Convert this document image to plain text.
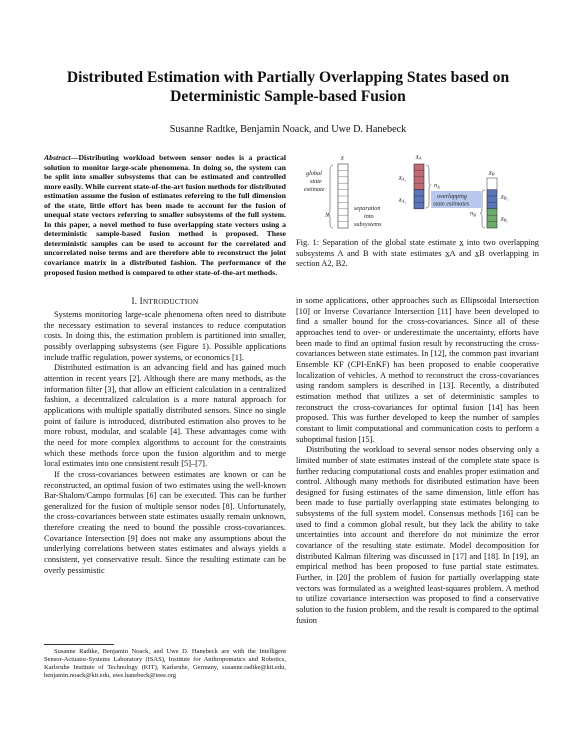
Distributed Estimation with Partially Overlapping States based on Deterministic Sample-based Fusion
Susanne Radtke, Benjamin Noack, and Uwe D. Hanebeck
Abstract—Distributing workload between sensor nodes is a practical solution to monitor large-scale phenomena. In doing so, the system can be split into smaller subsystems that can be estimated and controlled more easily. While current state-of-the-art fusion methods for distributed estimation assume the fusion of estimates referring to the full dimension of the state, little effort has been made to account for the fusion of unequal state vectors referring to smaller subsystems of the full system. In this paper, a novel method to fuse overlapping state vectors using a deterministic sample-based fusion method is proposed. These deterministic samples can be used to account for the correlated and uncorrelated noise terms and are therefore able to reconstruct the joint covariance matrix in a distributed fashion. The performance of the proposed fusion method is compared to other state-of-the-art methods.
I. INTRODUCTION

Systems monitoring large-scale phenomena often need to distribute the necessary estimation to several instances to reduce computation costs. In doing this, the estimation problem is partitioned into smaller, possibly overlapping subsystems (see Figure 1). Possible applications include traffic regulation, power systems, or economics [1].

Distributed estimation is an advancing field and has gained much attention in recent years [2]. Although there are many methods, as the information filter [3], that allow an efficient calculation in a centralized fashion, a decentralized calculation is a more natural approach for applications with multiple spatially distributed sensors. Since no single point of failure is introduced, distributed estimation also proves to be more robust, modular, and scalable [4]. These advantages come with the need for more complex algorithms to account for the constraints which these methods force upon the fusion algorithm and to merge local estimates into one consistent result [5]–[7].

If the cross-covariances between estimates are known or can be reconstructed, an optimal fusion of two estimates using the well-known Bar-Shalom/Campo formulas [6] can be executed. This can be further generalized for the fusion of multiple sensor nodes [8]. Unfortunately, the cross-covariances between state estimates usually remain unknown, therefore creating the need to bound the possible cross-covariances. Covariance Intersection [9] does not make any assumptions about the underlying correlations between states estimates and always yields a consistent, yet conservative result. Since the resulting estimate can be overly pessimistic

Susanne Radtke, Benjamin Noack, and Uwe D. Hanebeck are with the Intelligent Sensor-Actuator-Systems Laboratory (ISAS), Institute for Anthropomatics and Robotics, Karlsruhe Institute of Technology (KIT), Karlsruhe, Germany, susanne.radtke@kit.edu, benjamin.noack@kit.edu, uwe.hanebeck@ieee.org
x̲
global
state
estimate
N
separation
into
subsystems
$x̲_A$
$x̲_{A_1}$
$x̲_{A_2}$
$n_A$
overlapping
state estimates
$x̲_B$
$x̲_{B_1}$
$x̲_{B_2}$
$n_B$
Fig. 1: Separation of the global state estimate x̲ into two overlapping subsystems A and B with state estimates x̲A and x̲B overlapping in section A2, B2.

in some applications, other approaches such as Ellipsoidal Intersection [10] or Inverse Covariance Intersection [11] have been developed to find a smaller bound for the cross-covariances. Since all of these approaches tend to over- or underestimate the uncertainty, efforts have been made to find an optimal fusion result by reconstructing the cross-covariances between state estimates. In [12], the common past invariant Ensemble KF (CPI-EnKF) has been proposed to enable cooperative localization of vehicles. A method to reconstruct the cross-covariances using random samplers is described in [13]. Recently, a distributed estimation method that utilizes a set of deterministic samples to reconstruct the cross-covariances for optimal fusion [14] has been proposed. This was further developed to keep the number of samples constant to limit computational and communication costs to perform a suboptimal fusion [15].

Distributing the workload to several sensor nodes observing only a limited number of state estimates instead of the complete state space is further reducing computational costs and enables proper estimation and control. Although many methods for distributed estimation have been designed for fusing estimates of the same dimension, little effort has been made to fuse partially overlapping state estimates belonging to subsystems of the full system model. Consensus methods [16] can be used to find a common global result, but they lack the ability to take uncertainties into account and therefore do not minimize the error covariance of the resulting state estimate. Model decomposition for distributed Kalman filtering was discussed in [17] and [18]. In [19], an empirical method has been proposed to fuse partial state estimates. Further, in [20] the problem of fusion for partially overlapping state vectors was formulated as a weighted least-squares problem. A method to utilize covariance intersection was proposed to find a conservative solution to the fusion problem, and the result is compared to the optimal fusion
